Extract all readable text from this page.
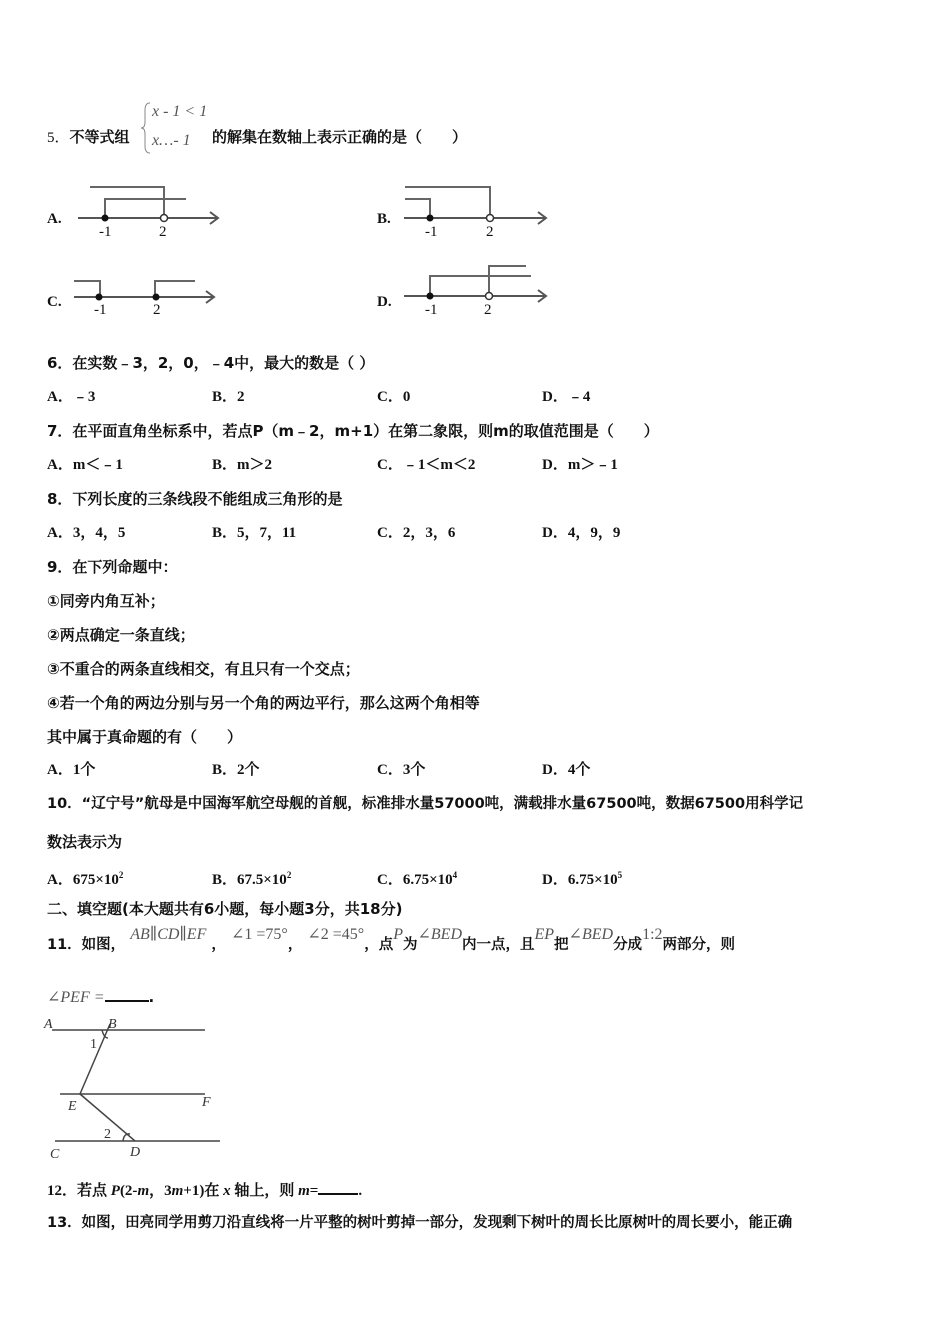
5．不等式组
x - 1 < 1
x…- 1 的解集在数轴上表示正确的是（　　）
A.
-1	2
B.
-1	2
C. -1	2	D. -1	2
6．在实数﹣3，2，0，﹣4中，最大的数是（ ）
A．﹣3	B．2	C．0	D．﹣4
7．在平面直角坐标系中，若点P（m﹣2，m+1）在第二象限，则m的取值范围是（　　）
A．m＜﹣1	B．m＞2	C．﹣1＜m＜2	D．m＞﹣1
8．下列长度的三条线段不能组成三角形的是
A．3，4，5	B．5，7，11	C．2，3，6	D．4，9，9
9．在下列命题中：
①同旁内角互补；
②两点确定一条直线；
③不重合的两条直线相交，有且只有一个交点；
④若一个角的两边分别与另一个角的两边平行，那么这两个角相等
其中属于真命题的有（　　）
A．1个	B．2个	C．3个	D．4个
10．“辽宁号”航母是中国海军航空母舰的首舰，标准排水量57000吨，满载排水量67500吨，数据67500用科学记
数法表示为
A．$675\times 10^2$	B．$67.5\times 10^2$	C．$6.75\times 10^4$	D．$6.75\times 10^5$
二、填空题(本大题共有6小题，每小题3分，共18分)
11．如图， AB∥CD∥EF ， ∠1 =75°， ∠2 =45°，点P为∠BED内一点，且EP把∠BED分成1:2两部分，则
∠PEF =	.
A	B
F
E
C	D
1
2
12．若点 P(2-m，3m+1)在 x 轴上，则 m=	.
13．如图，田亮同学用剪刀沿直线将一片平整的树叶剪掉一部分，发现剩下树叶的周长比原树叶的周长要小，能正确
